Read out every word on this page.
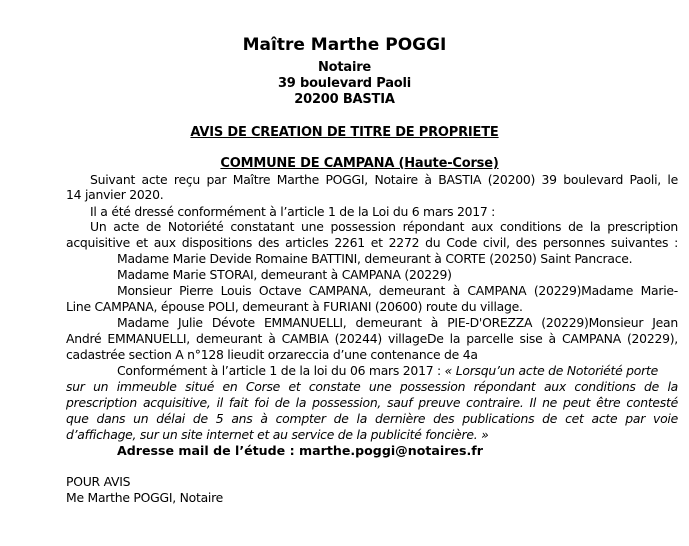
Maître Marthe POGGI
Notaire
39 boulevard Paoli
20200 BASTIA
AVIS DE CREATION DE TITRE DE PROPRIETE
COMMUNE DE CAMPANA (Haute-Corse)
Suivant acte reçu par Maître Marthe POGGI, Notaire à BASTIA (20200) 39 boulevard Paoli, le
14 janvier 2020.
Il a été dressé conformément à l’article 1 de la Loi du 6 mars 2017 :
Un acte de Notoriété constatant une possession répondant aux conditions de la prescription
acquisitive et aux dispositions des articles 2261 et 2272 du Code civil, des personnes suivantes :
Madame Marie Devide Romaine BATTINI, demeurant à CORTE (20250) Saint Pancrace.
Madame Marie STORAI, demeurant à CAMPANA (20229)
Monsieur Pierre Louis Octave CAMPANA, demeurant à CAMPANA (20229)Madame Marie-
Line CAMPANA, épouse POLI, demeurant à FURIANI (20600) route du village.
Madame Julie Dévote EMMANUELLI, demeurant à PIE-D'OREZZA (20229)Monsieur Jean
André EMMANUELLI, demeurant à CAMBIA (20244) villageDe la parcelle sise à CAMPANA (20229),
cadastrée section A n°128 lieudit orzareccia d’une contenance de 4a
Conformément à l’article 1 de la loi du 06 mars 2017 : « Lorsqu’un acte de Notoriété porte
sur un immeuble situé en Corse et constate une possession répondant aux conditions de la
prescription acquisitive, il fait foi de la possession, sauf preuve contraire. Il ne peut être contesté
que dans un délai de 5 ans à compter de la dernière des publications de cet acte par voie
d’affichage, sur un site internet et au service de la publicité foncière. »
Adresse mail de l’étude : marthe.poggi@notaires.fr
POUR AVIS
Me Marthe POGGI, Notaire
